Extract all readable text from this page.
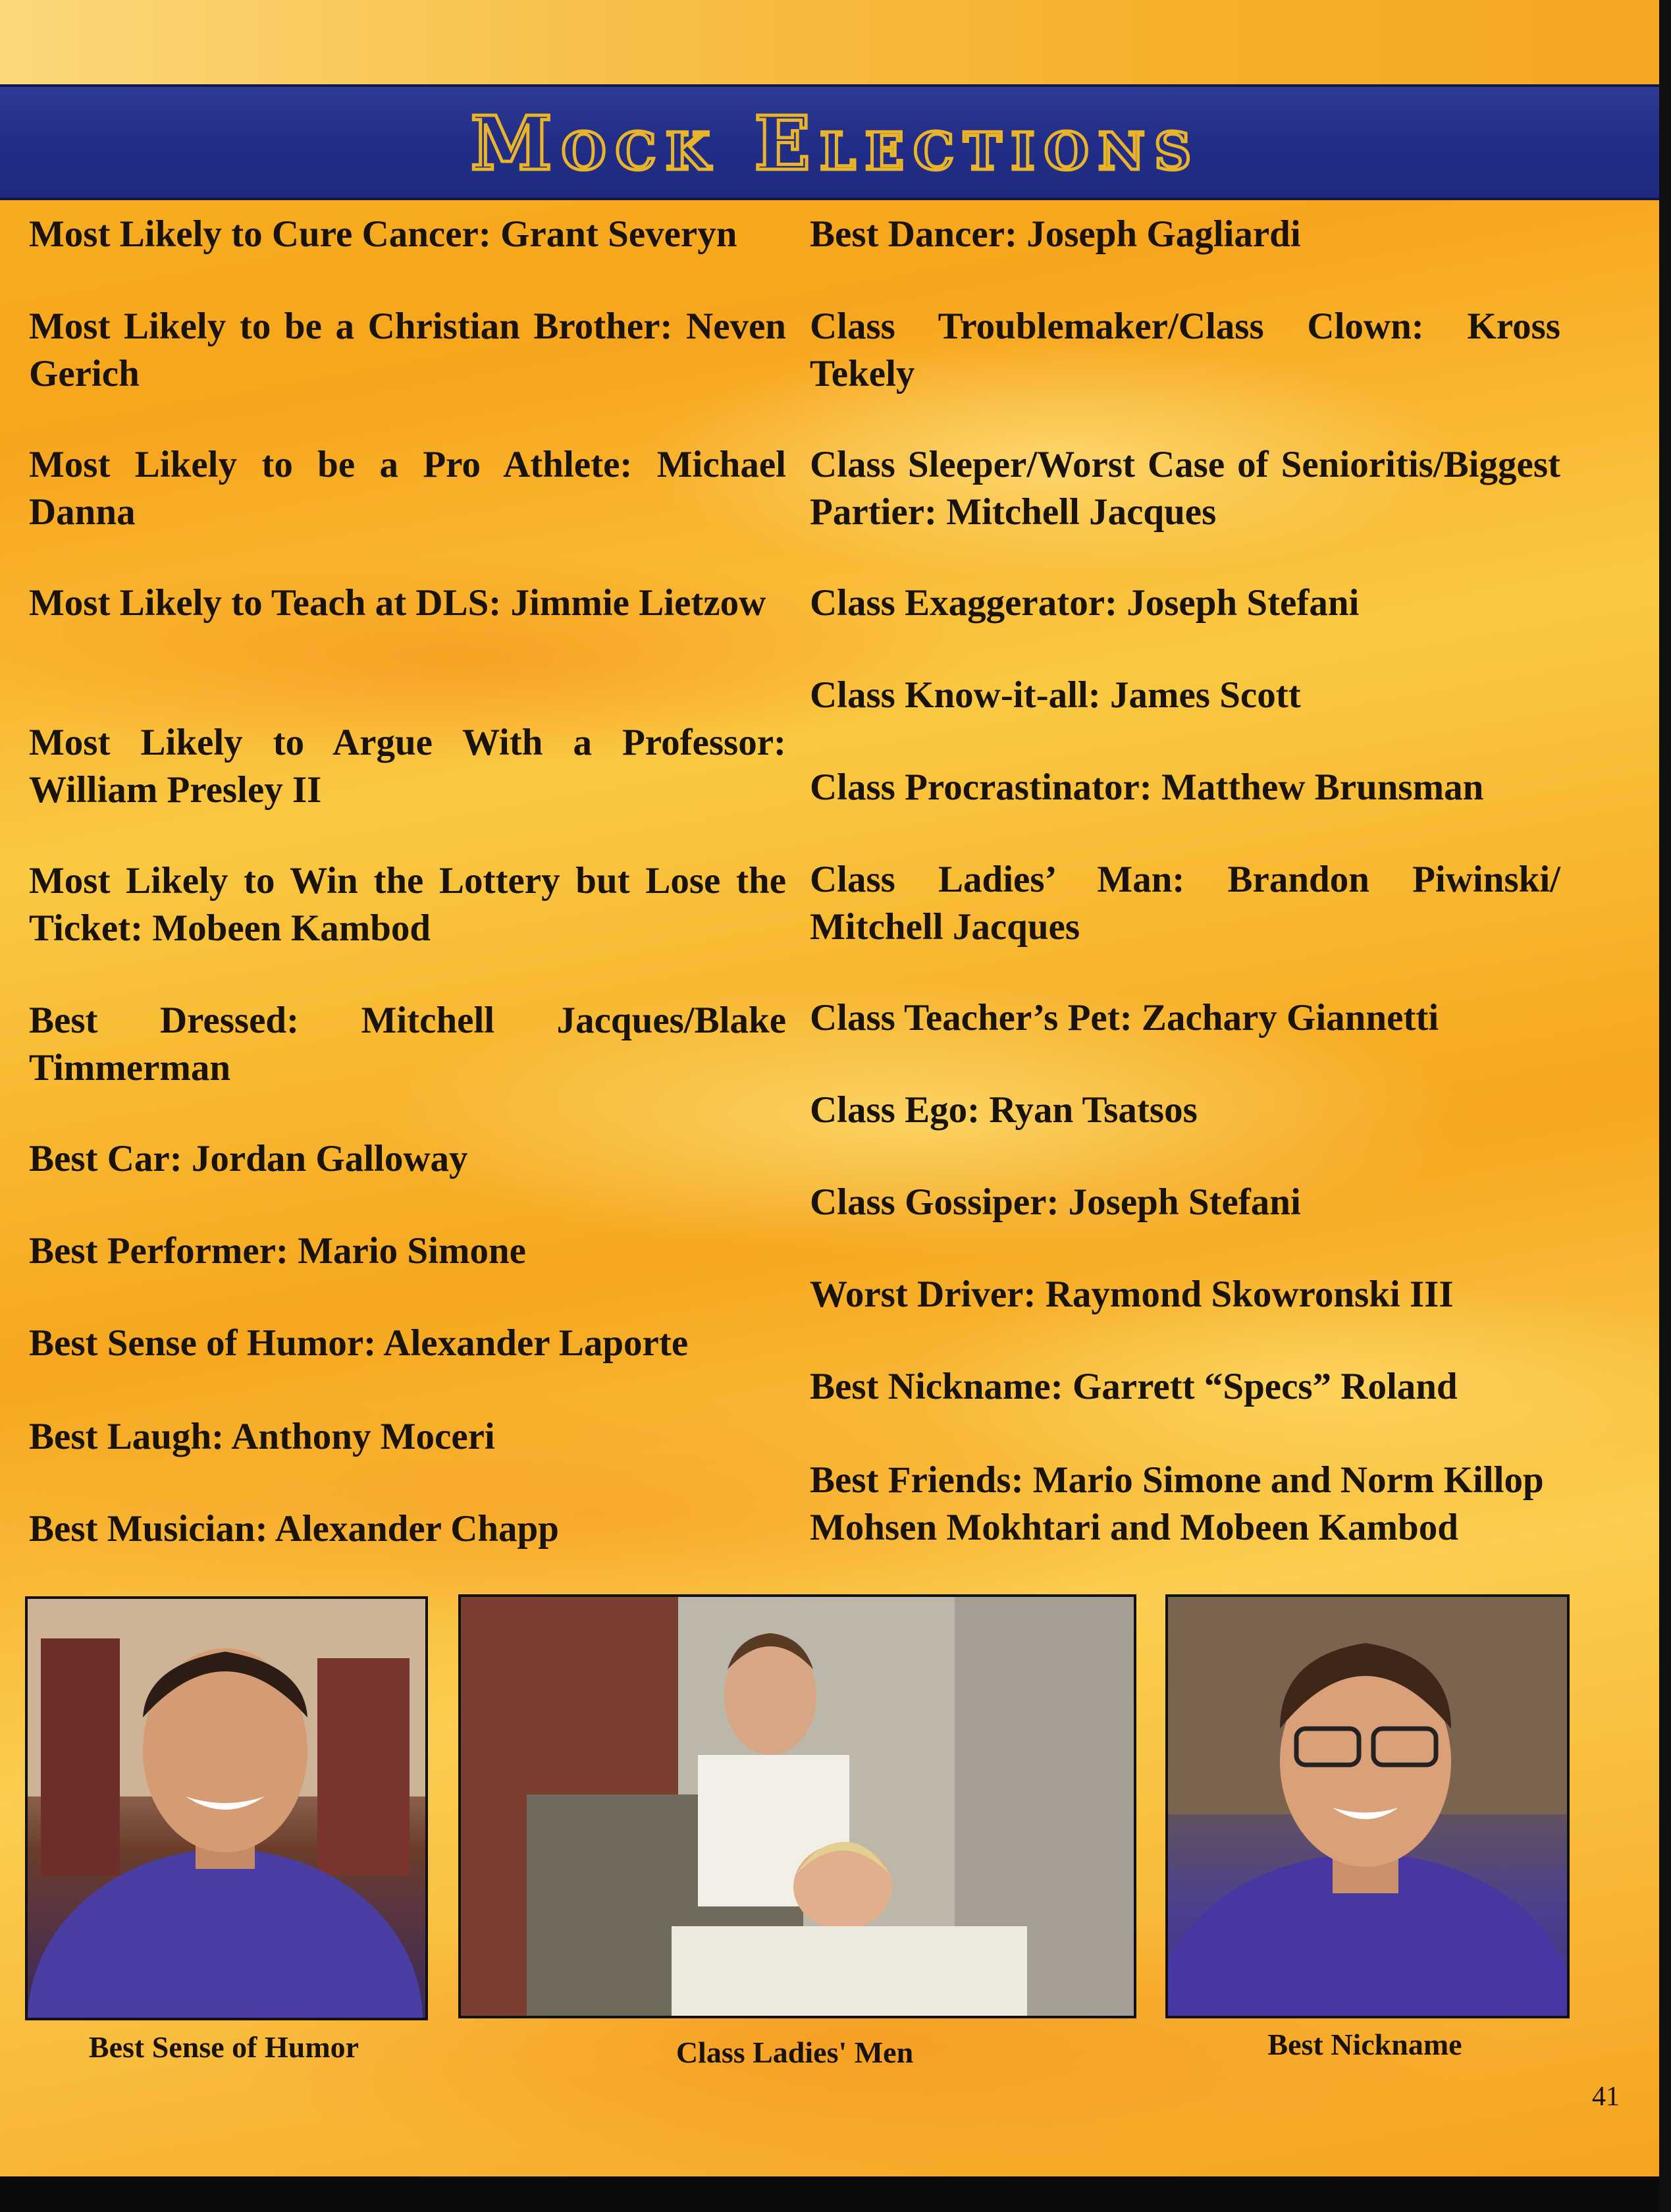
Mock Elections
Most Likely to Cure Cancer: Grant Severyn
Most Likely to be a Christian Brother: Neven Gerich
Most Likely to be a Pro Athlete: Michael Danna
Most Likely to Teach at DLS: Jimmie Lietzow
Most Likely to Argue With a Professor: William Presley II
Most Likely to Win the Lottery but Lose the Ticket: Mobeen Kambod
Best Dressed: Mitchell Jacques/Blake Timmerman
Best Car: Jordan Galloway
Best Performer: Mario Simone
Best Sense of Humor: Alexander Laporte
Best Laugh: Anthony Moceri
Best Musician: Alexander Chapp
Best Dancer: Joseph Gagliardi
Class Troublemaker/Class Clown: Kross Tekely
Class Sleeper/Worst Case of Senioritis/Biggest Partier: Mitchell Jacques
Class Exaggerator: Joseph Stefani
Class Know-it-all: James Scott
Class Procrastinator: Matthew Brunsman
Class Ladies’ Man: Brandon Piwinski/ Mitchell Jacques
Class Teacher’s Pet: Zachary Giannetti
Class Ego: Ryan Tsatsos
Class Gossiper: Joseph Stefani
Worst Driver: Raymond Skowronski III
Best Nickname: Garrett “Specs” Roland
Best Friends: Mario Simone and Norm Killop Mohsen Mokhtari and Mobeen Kambod
Best Sense of Humor	Class Ladies' Men	Best Nickname
41
